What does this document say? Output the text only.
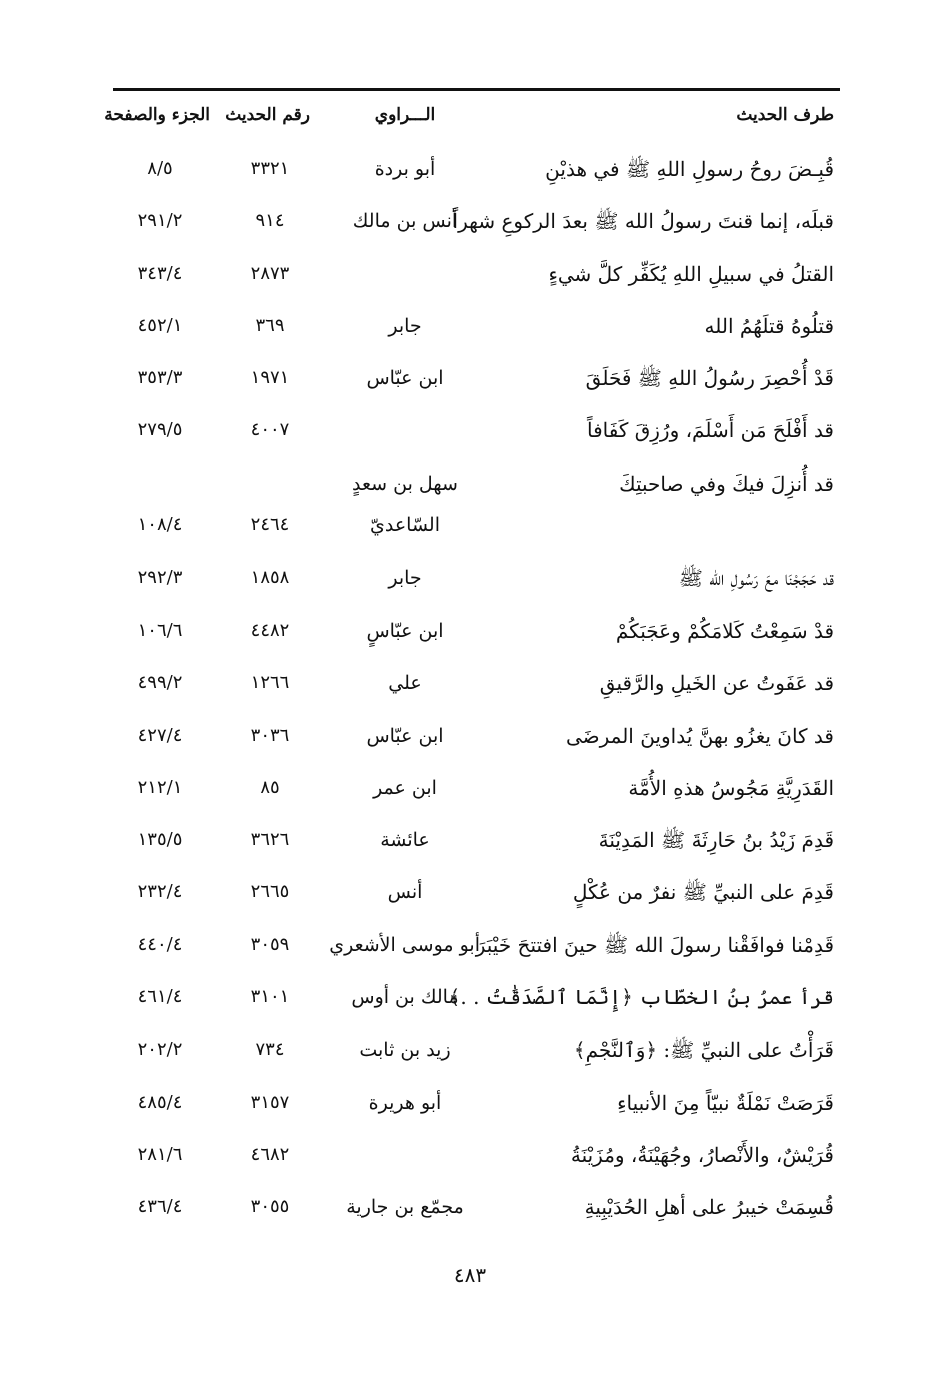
طرف الحديث
الـــراوي
رقم الحديث
الجزء والصفحة
قُبِـضَ روحُ رسولِ اللهِ ﷺ في هذيْنِ
أبو بردة
٣٣٢١
٨/٥
قبلَه، إنما قنتَ رسولُ الله ﷺ بعدَ الركوعِ شهراً
أنس بن مالك
٩١٤
٢٩١/٢
القتلُ في سبيلِ اللهِ يُكَفِّر كلَّ شيءٍ
٢٨٧٣
٣٤٣/٤
قتلُوهُ قتلَهُمُ الله
جابر
٣٦٩
٤٥٢/١
قَدْ أُحْصِرَ رسُولُ اللهِ ﷺ فَحَلَقَ
ابن عبّاس
١٩٧١
٣٥٣/٣
قد أَفْلَحَ مَن أَسْلَمَ، ورُزِقَ كَفَافاً
٤٠٠٧
٢٧٩/٥
قد أُنزِلَ فيكَ وفي صاحبتِكَ
سهل بن سعدٍ
السّاعديّ
٢٤٦٤
١٠٨/٤
قد حَجَجْنَا معَ رَسُولِ الله ﷺ
جابر
١٨٥٨
٢٩٢/٣
قدْ سَمِعْتُ كَلامَكُمْ وعَجَبَكُمْ
ابن عبّاسٍ
٤٤٨٢
١٠٦/٦
قد عَفَوتُ عن الخَيلِ والرَّقيقِ
علي
١٢٦٦
٤٩٩/٢
قد كانَ يغزُو بهنَّ يُداوينَ المرضَى
ابن عبّاس
٣٠٣٦
٤٢٧/٤
القَدَرِيَّةِ مَجُوسُ هذهِ الأُمَّة
ابن عمر
٨٥
٢١٢/١
قَدِمَ زَيْدُ بنُ حَارِثَةَ ﷺ المَدِيْنَةَ
عائشة
٣٦٢٦
١٣٥/٥
قَدِمَ على النبيِّ ﷺ نفرٌ من عُكْلٍ
أنس
٢٦٦٥
٢٣٢/٤
قَدِمْنا فوافَقْنا رسولَ الله ﷺ حينَ افتتحَ خَيْبَرَ
أبو موسى الأشعري
٣٠٥٩
٤٤٠/٤
قرأ عمرُ بنُ الخطّاب ﴿إِنَّمَا ٱلصَّدَقَٰتُ . .﴾
مالك بن أوس
٣١٠١
٤٦١/٤
قَرَأْتُ على النبيِّ ﷺ: ﴿وَٱلنَّجْمِ﴾
زيد بن ثابت
٧٣٤
٢٠٢/٢
قَرَصَتْ نَمْلَةٌ نبيّاً مِنَ الأنبياءِ
أبو هريرة
٣١٥٧
٤٨٥/٤
قُرَيْشٌ، والأَنْصارُ، وجُهَيْنَةُ، ومُزَيْنَةُ
٤٦٨٢
٢٨١/٦
قُسِمَتْ خيبرُ على أهلِ الحُدَيْبِيةِ
مجمّع بن جارية
٣٠٥٥
٤٣٦/٤
٤٨٣
